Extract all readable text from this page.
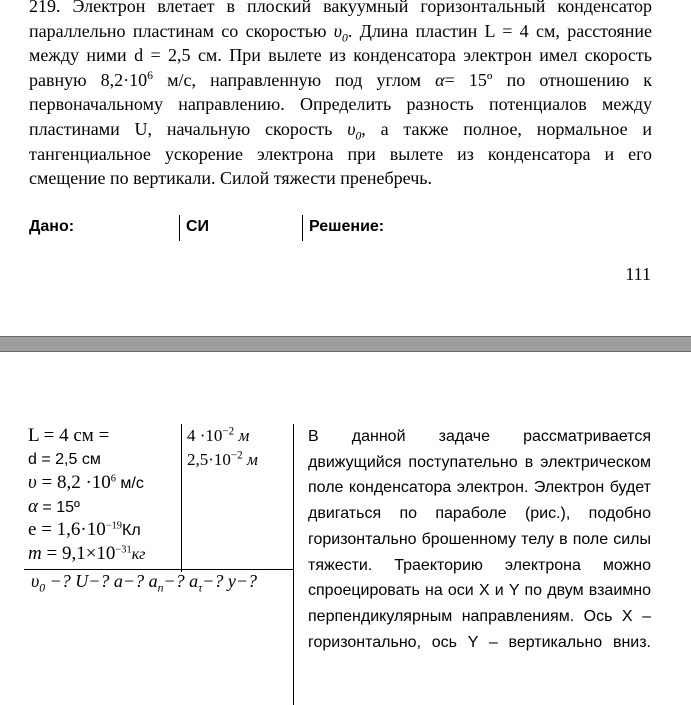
219. Электрон влетает в плоский вакуумный горизонтальный конденсатор параллельно пластинам со скоростью $\upsilon_0$. Длина пластин L = 4 см, расстояние между ними d = 2,5 см. При вылете из конденсатора электрон имел скорость равную $8,2\cdot 10^6$ м/с, направленную под углом α= 15º по отношению к первоначальному направлению. Определить разность потенциалов между пластинами U, начальную скорость $\upsilon_0$, а также полное, нормальное и тангенциальное ускорение электрона при вылете из конденсатора и его смещение по вертикали. Силой тяжести пренебречь.

Дано:	СИ	Решение:
111
L = 4 см =
d = 2,5 см
$\upsilon = 8,2 \cdot 10^6$ м/с
α = 15º
$e = 1,6\cdot 10^{-19}Кл$
$m = 9,1\times 10^{-31}кг$
$4 \cdot 10^{-2}$ м
$2,5\cdot 10^{-2}$ м
$\upsilon_0$ −? U−? a−? $a_n-$? $a_\tau-$? y−?
В данной задаче рассматривается движущийся поступательно в электрическом поле конденсатора электрон. Электрон будет двигаться по параболе (рис.), подобно горизонтально брошенному телу в поле силы тяжести. Траекторию электрона можно спроецировать на оси X и Y по двум взаимно перпендикулярным направлениям. Ось X – горизонтально, ось Y – вертикально вниз.
